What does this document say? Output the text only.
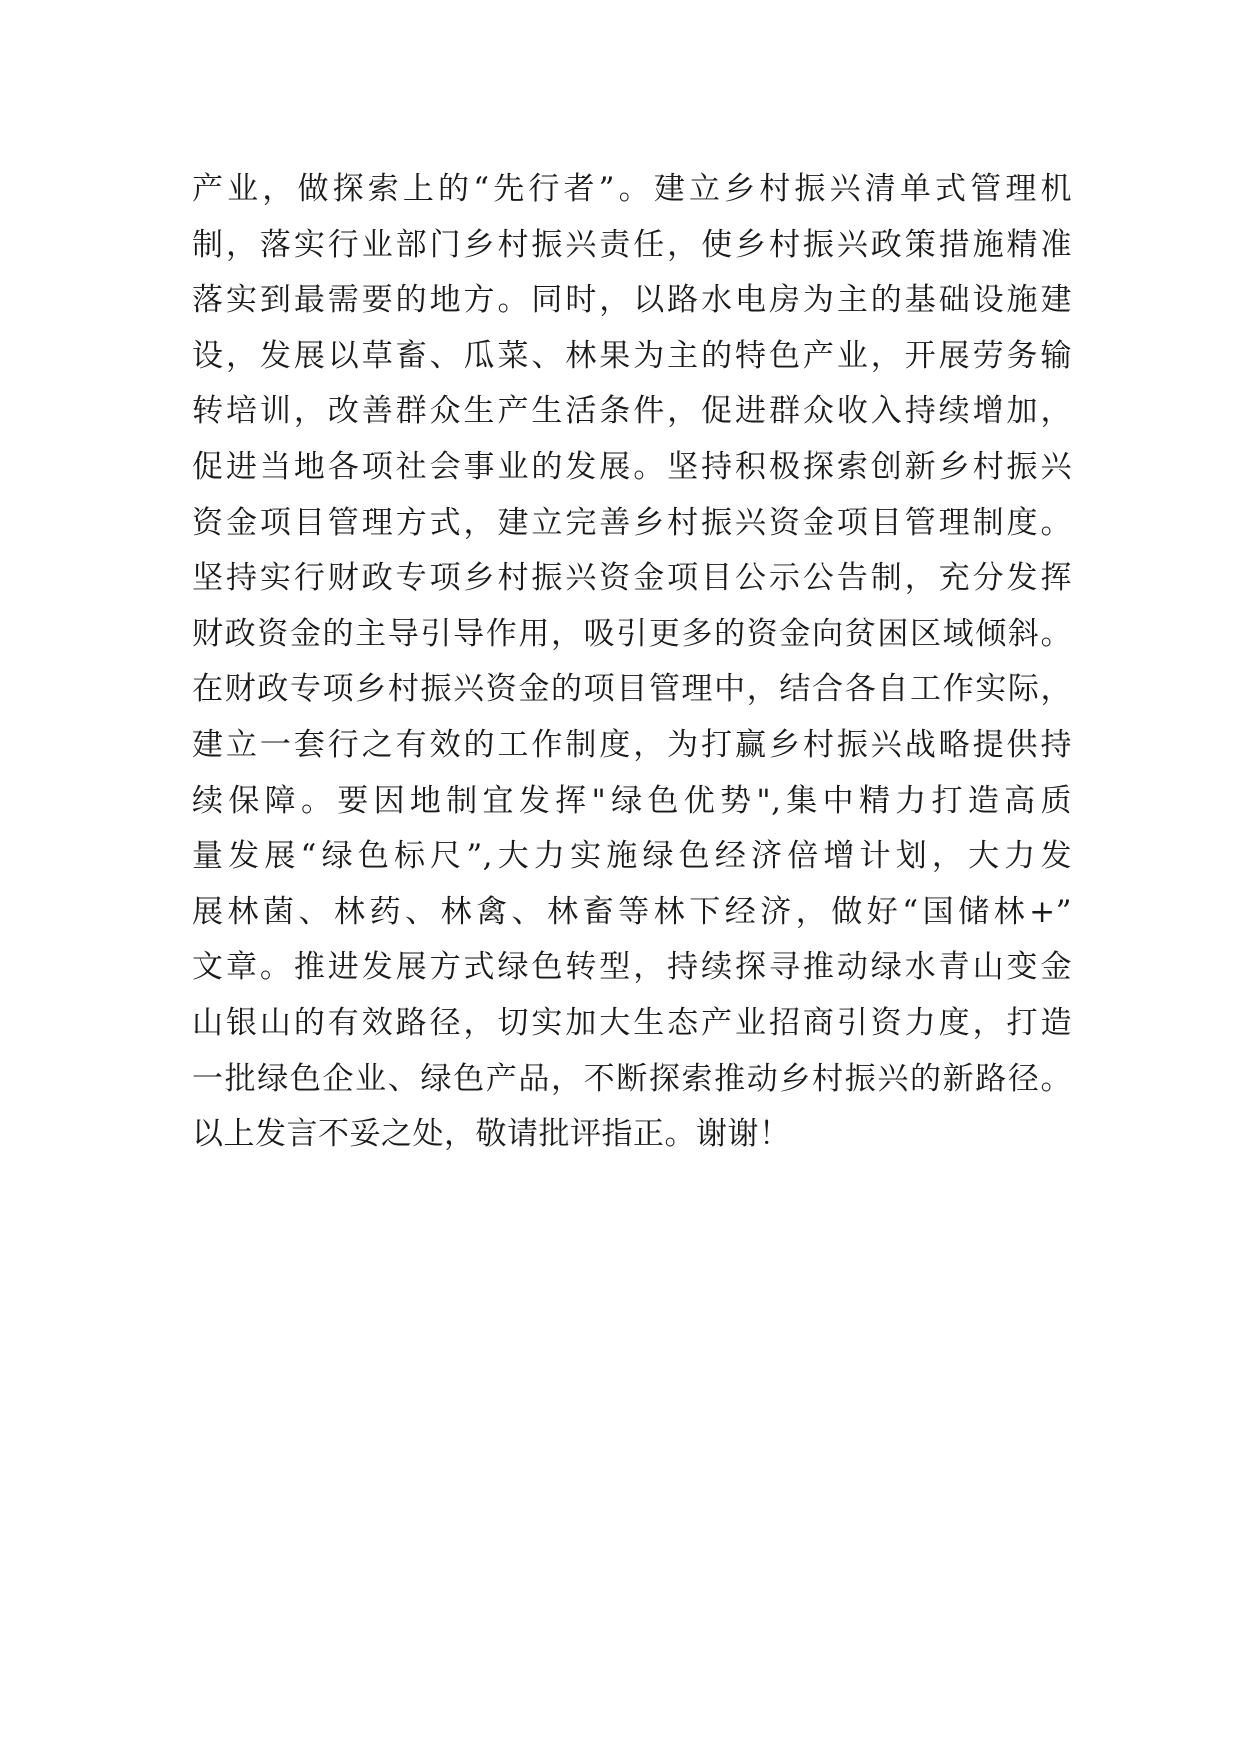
产业，做探索上的“先行者”。建立乡村振兴清单式管理机
制，落实行业部门乡村振兴责任，使乡村振兴政策措施精准
落实到最需要的地方。同时，以路水电房为主的基础设施建
设，发展以草畜、瓜菜、林果为主的特色产业，开展劳务输
转培训，改善群众生产生活条件，促进群众收入持续增加，
促进当地各项社会事业的发展。坚持积极探索创新乡村振兴
资金项目管理方式，建立完善乡村振兴资金项目管理制度。
坚持实行财政专项乡村振兴资金项目公示公告制，充分发挥
财政资金的主导引导作用，吸引更多的资金向贫困区域倾斜。
在财政专项乡村振兴资金的项目管理中，结合各自工作实际，
建立一套行之有效的工作制度，为打赢乡村振兴战略提供持
续保障。要因地制宜发挥"绿色优势",集中精力打造高质
量发展“绿色标尺”,大力实施绿色经济倍增计划，大力发
展林菌、林药、林禽、林畜等林下经济，做好“国储林+”
文章。推进发展方式绿色转型，持续探寻推动绿水青山变金
山银山的有效路径，切实加大生态产业招商引资力度，打造
一批绿色企业、绿色产品，不断探索推动乡村振兴的新路径。
以上发言不妥之处，敬请批评指正。谢谢！
